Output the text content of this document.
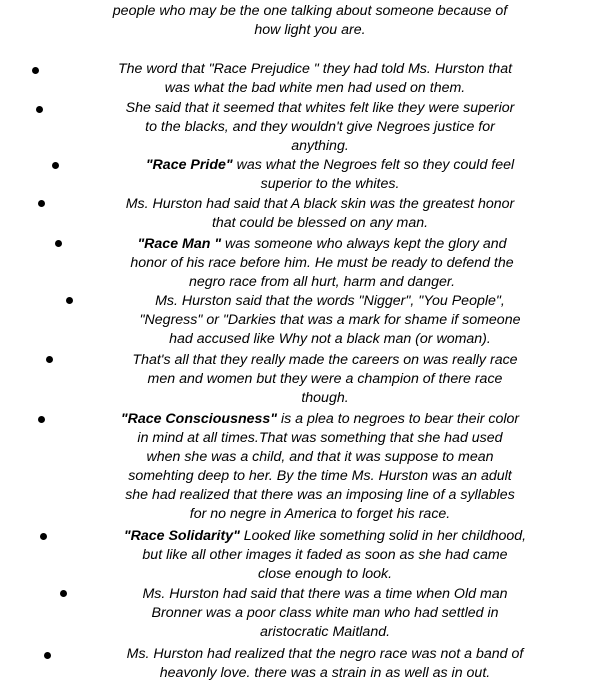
people who may be the one talking about someone because of
how light you are.
The word that "Race Prejudice " they had told Ms. Hurston that
was what the bad white men had used on them.
She said that it seemed that whites felt like they were superior
to the blacks, and they wouldn't give Negroes justice for
anything.
"Race Pride" was what the Negroes felt so they could feel
superior to the whites.
Ms. Hurston had said that A black skin was the greatest honor
that could be blessed on any man.
"Race Man " was someone who always kept the glory and
honor of his race before him. He must be ready to defend the
negro race from all hurt, harm and danger.
Ms. Hurston said that the words "Nigger", "You People",
"Negress" or "Darkies that was a mark for shame if someone
had accused like Why not a black man (or woman).
That's all that they really made the careers on was really race
men and women but they were a champion of there race
though.
"Race Consciousness" is a plea to negroes to bear their color
in mind at all times.That was something that she had used
when she was a child, and that it was suppose to mean
somehting deep to her. By the time Ms. Hurston was an adult
she had realized that there was an imposing line of a syllables
for no negre in America to forget his race.
"Race Solidarity" Looked like something solid in her childhood,
but like all other images it faded as soon as she had came
close enough to look.
Ms. Hurston had said that there was a time when Old man
Bronner was a poor class white man who had settled in
aristocratic Maitland.
Ms. Hurston had realized that the negro race was not a band of
heavonly love. there was a strain in as well as in out.
